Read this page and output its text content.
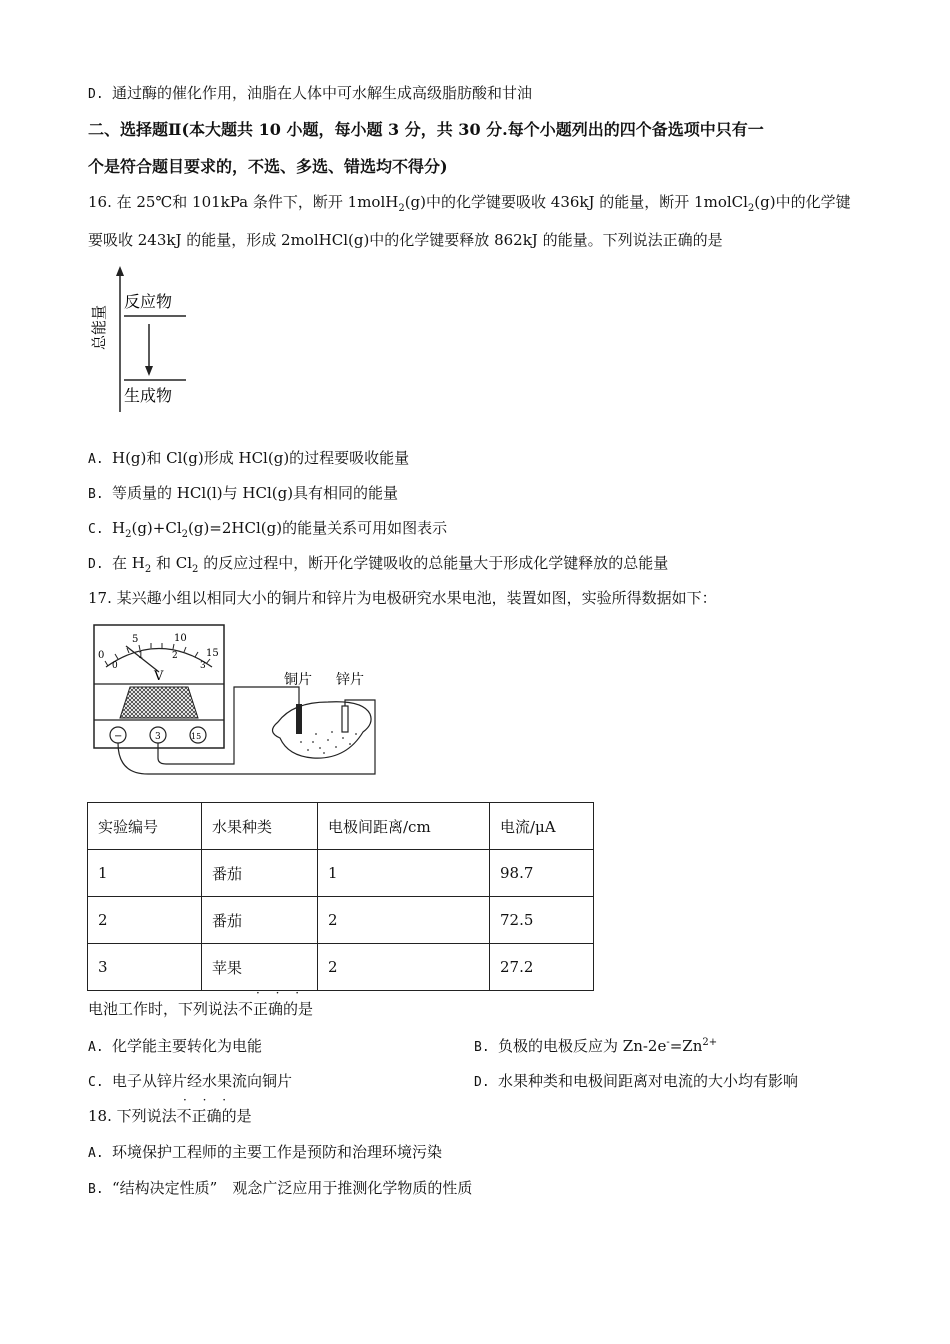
D. 通过酶的催化作用，油脂在人体中可水解生成高级脂肪酸和甘油
二、选择题Ⅱ(本大题共 10 小题，每小题 3 分，共 30 分.每个小题列出的四个备选项中只有一
个是符合题目要求的，不选、多选、错选均不得分)
16. 在 25℃和 101kPa 条件下，断开 1molH$_2$(g)中的化学键要吸收 436kJ 的能量，断开 1molCl$_2$(g)中的化学键
要吸收 243kJ 的能量，形成 2molHCl(g)中的化学键要释放 862kJ 的能量。下列说法正确的是
反应物
生成物
总能量
A. H(g)和 Cl(g)形成 HCl(g)的过程要吸收能量
B. 等质量的 HCl(l)与 HCl(g)具有相同的能量
C. $H_2(g)+Cl_2(g)=2HCl(g)$的能量关系可用如图表示
D. 在 $H_2$ 和 $Cl_2$ 的反应过程中，断开化学键吸收的总能量大于形成化学键释放的总能量
17. 某兴趣小组以相同大小的铜片和锌片为电极研究水果电池，装置如图，实验所得数据如下：
0
5	10
15
0
1	2
3
V
−	3	15
铜片 锌片
实验编号	水果种类	电极间距离/cm	电流/μA
1	番茄	1	98.7
2	番茄	2	72.5
3	苹果	2	27.2
· · ·
电池工作时，下列说法不正确的是
A. 化学能主要转化为电能	B. 负极的电极反应为 $Zn-2e^-=Zn^{2+}$
C. 电子从锌片经水果流向铜片	D. 水果种类和电极间距离对电流的大小均有影响
· · ·
18. 下列说法不正确的是
A. 环境保护工程师的主要工作是预防和治理环境污染
B. “结构决定性质”　观念广泛应用于推测化学物质的性质
